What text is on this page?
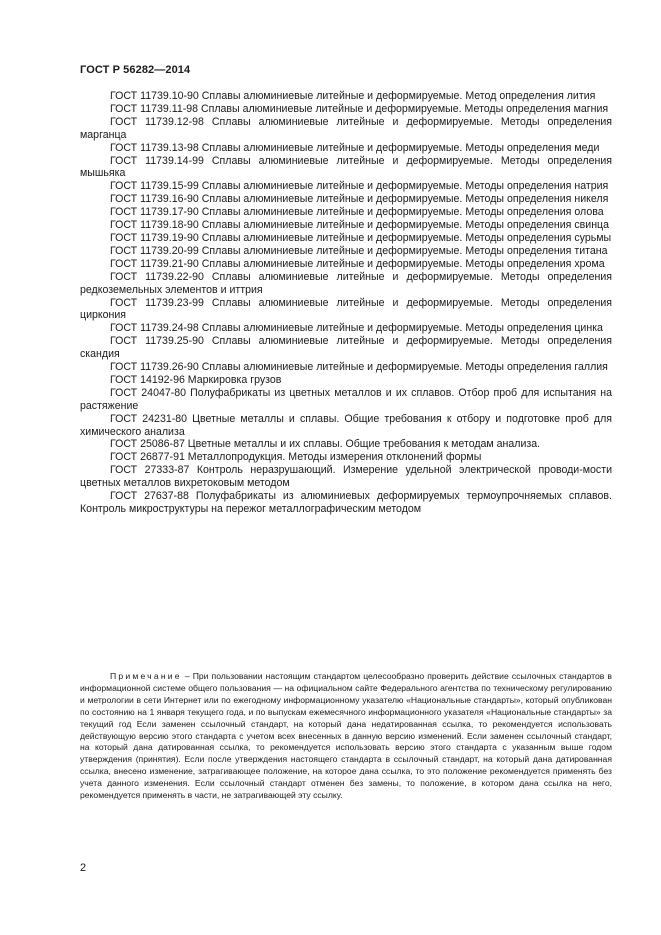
ГОСТ Р 56282—2014

ГОСТ 11739.10-90 Сплавы алюминиевые литейные и деформируемые. Метод определения лития

ГОСТ 11739.11-98 Сплавы алюминиевые литейные и деформируемые. Методы определения магния

ГОСТ 11739.12-98 Сплавы алюминиевые литейные и деформируемые. Методы определения марганца

ГОСТ 11739.13-98 Сплавы алюминиевые литейные и деформируемые. Методы определения меди

ГОСТ 11739.14-99 Сплавы алюминиевые литейные и деформируемые. Методы определения мышьяка

ГОСТ 11739.15-99 Сплавы алюминиевые литейные и деформируемые. Методы определения натрия

ГОСТ 11739.16-90 Сплавы алюминиевые литейные и деформируемые. Методы определения никеля

ГОСТ 11739.17-90 Сплавы алюминиевые литейные и деформируемые. Методы определения олова

ГОСТ 11739.18-90 Сплавы алюминиевые литейные и деформируемые. Методы определения свинца

ГОСТ 11739.19-90 Сплавы алюминиевые литейные и деформируемые. Методы определения сурьмы

ГОСТ 11739.20-99 Сплавы алюминиевые литейные и деформируемые. Методы определения титана

ГОСТ 11739.21-90 Сплавы алюминиевые литейные и деформируемые. Методы определения хрома

ГОСТ 11739.22-90 Сплавы алюминиевые литейные и деформируемые. Методы определения редкоземельных элементов и иттрия

ГОСТ 11739.23-99 Сплавы алюминиевые литейные и деформируемые. Методы определения циркония

ГОСТ 11739.24-98 Сплавы алюминиевые литейные и деформируемые. Методы определения цинка

ГОСТ 11739.25-90 Сплавы алюминиевые литейные и деформируемые. Методы определения скандия

ГОСТ 11739.26-90 Сплавы алюминиевые литейные и деформируемые. Методы определения галлия

ГОСТ 14192-96 Маркировка грузов

ГОСТ 24047-80 Полуфабрикаты из цветных металлов и их сплавов. Отбор проб для испытания на растяжение

ГОСТ 24231-80 Цветные металлы и сплавы. Общие требования к отбору и подготовке проб для химического анализа

ГОСТ 25086-87 Цветные металлы и их сплавы. Общие требования к методам анализа.

ГОСТ 26877-91 Металлопродукция. Методы измерения отклонений формы

ГОСТ 27333-87 Контроль неразрушающий. Измерение удельной электрической проводи-мости цветных металлов вихретоковым методом

ГОСТ 27637-88 Полуфабрикаты из алюминиевых деформируемых термоупрочняемых сплавов. Контроль микроструктуры на пережог металлографическим методом

Примечание – При пользовании настоящим стандартом целесообразно проверить действие ссылочных стандартов в информационной системе общего пользования — на официальном сайте Федерального агентства по техническому регулированию и метрологии в сети Интернет или по ежегодному информационному указателю «Национальные стандарты», который опубликован по состоянию на 1 января текущего года, и по выпускам ежемесячного информационного указателя «Национальные стандарты» за текущий год Если заменен ссылочный стандарт, на который дана недатированная ссылка, то рекомендуется использовать действующую версию этого стандарта с учетом всех внесенных в данную версию изменений. Если заменен ссылочный стандарт, на который дана датированная ссылка, то рекомендуется использовать версию этого стандарта с указанным выше годом утверждения (принятия). Если после утверждения настоящего стандарта в ссылочный стандарт, на который дана датированная ссылка, внесено изменение, затрагивающее положение, на которое дана ссылка, то это положение рекомендуется применять без учета данного изменения. Если ссылочный стандарт отменен без замены, то положение, в котором дана ссылка на него, рекомендуется применять в части, не затрагивающей эту ссылку.

2
